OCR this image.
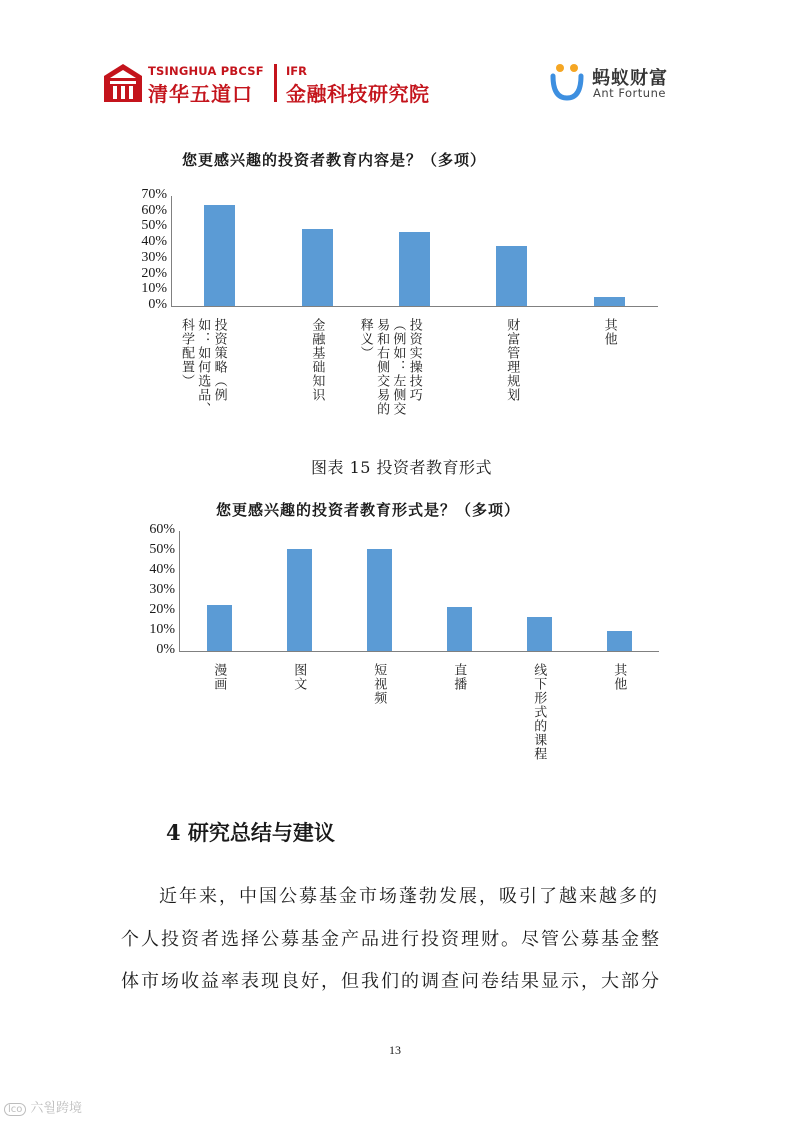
TSINGHUA PBCSF
清华五道口
IFR
金融科技研究院
蚂蚁财富
Ant Fortune
您更感兴趣的投资者教育内容是？（多项）
70%
60%
50%
40%
30%
20%
10%
0%
投资策略（例
如：如何选品、
科学配置）	金融基础知识	投资实操技巧
（例如：左侧交
易和右侧交易的
释义）	财富管理规划	其他
图表 15 投资者教育形式
您更感兴趣的投资者教育形式是？（多项）
60%
50%
40%
30%
20%
10%
0%
漫画	图文	短视频	直播	线下形式的课程	其他
4 研究总结与建议
近年来，中国公募基金市场蓬勃发展，吸引了越来越多的
个人投资者选择公募基金产品进行投资理财。尽管公募基金整
体市场收益率表现良好，但我们的调查问卷结果显示，大部分
13
lco 六월跨境
